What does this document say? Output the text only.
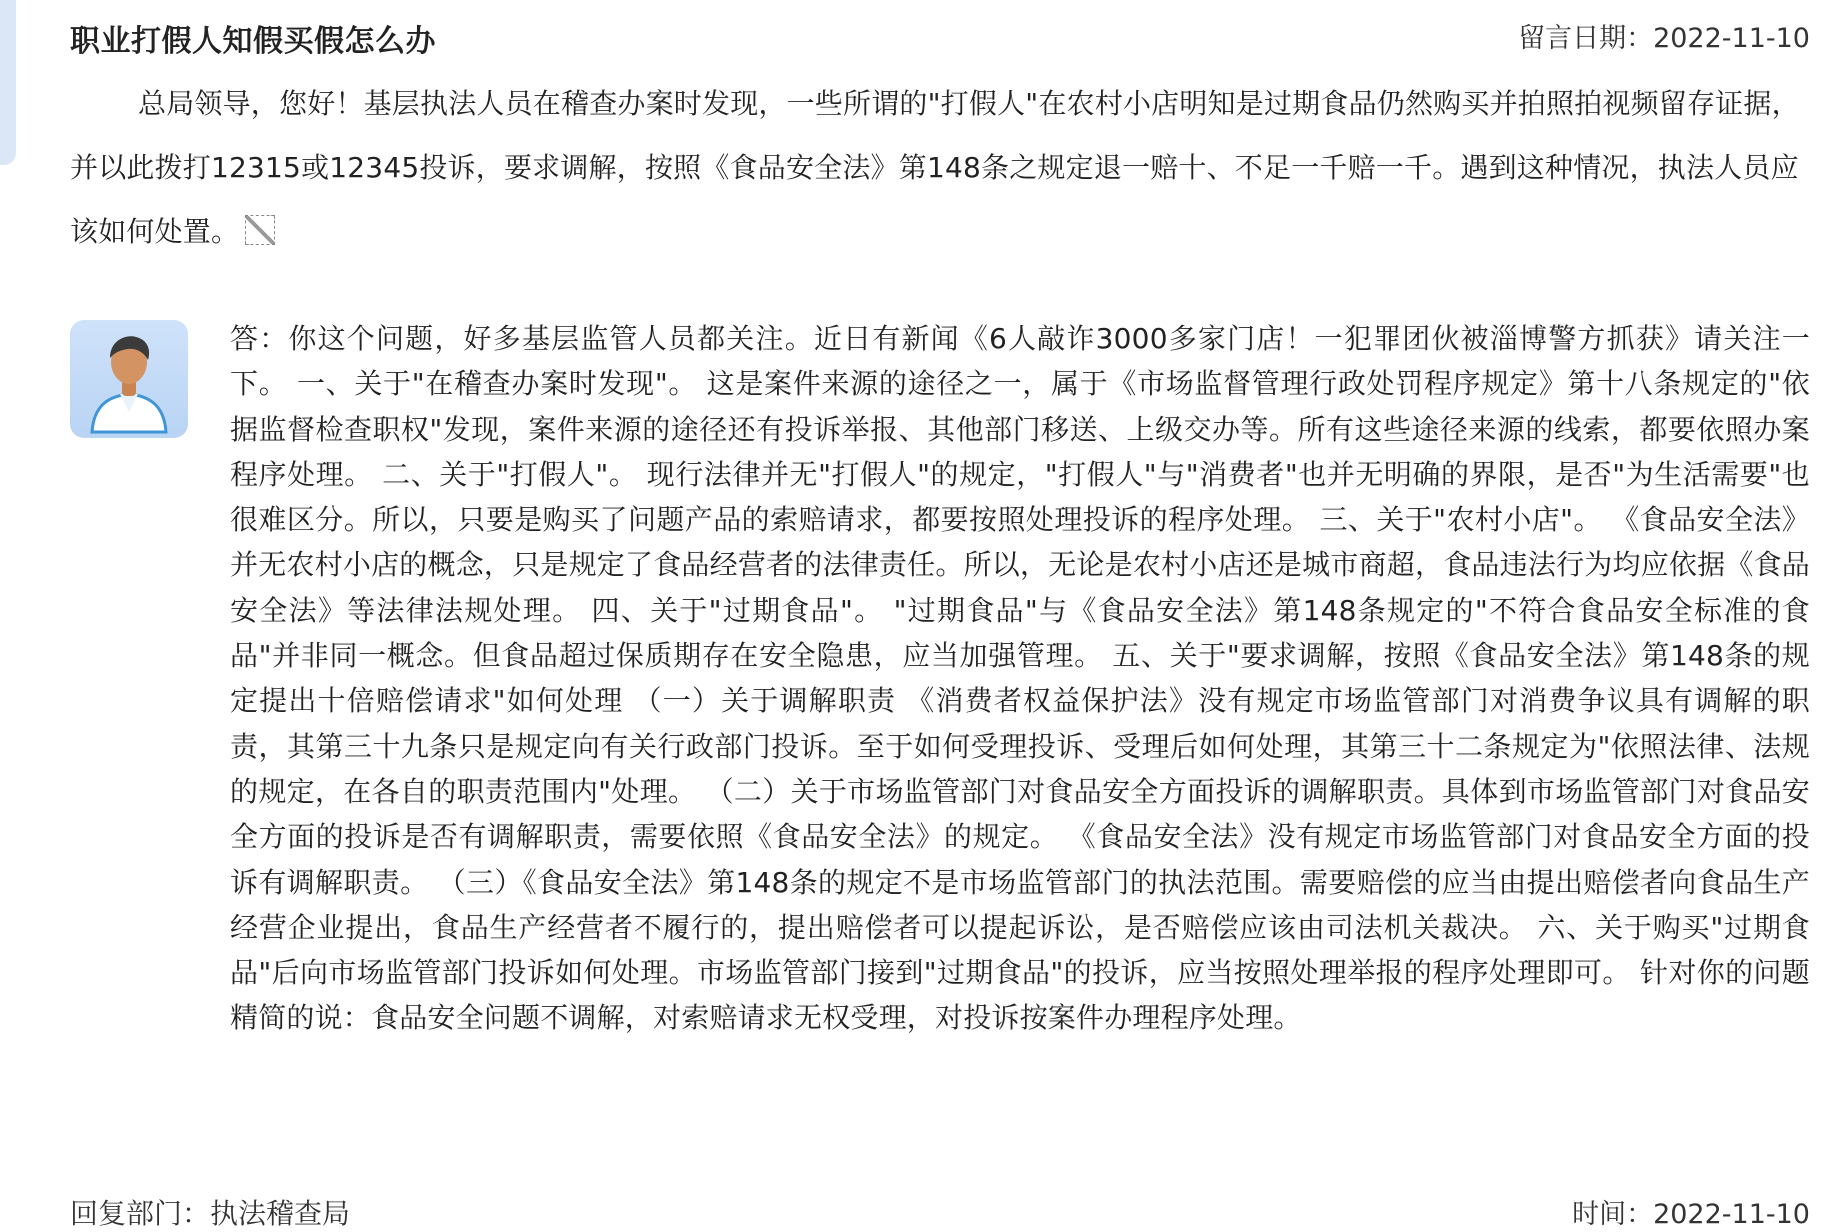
职业打假人知假买假怎么办	留言日期：2022-11-10

总局领导，您好！基层执法人员在稽查办案时发现，一些所谓的"打假人"在农村小店明知是过期食品仍然购买并拍照拍视频留存证据，并以此拨打12315或12345投诉，要求调解，按照《食品安全法》第148条之规定退一赔十、不足一千赔一千。遇到这种情况，执法人员应该如何处置。

答：你这个问题，好多基层监管人员都关注。近日有新闻《6人敲诈3000多家门店！一犯罪团伙被淄博警方抓获》请关注一下。 一、关于"在稽查办案时发现"。 这是案件来源的途径之一，属于《市场监督管理行政处罚程序规定》第十八条规定的"依据监督检查职权"发现，案件来源的途径还有投诉举报、其他部门移送、上级交办等。所有这些途径来源的线索，都要依照办案程序处理。 二、关于"打假人"。 现行法律并无"打假人"的规定，"打假人"与"消费者"也并无明确的界限，是否"为生活需要"也很难区分。所以，只要是购买了问题产品的索赔请求，都要按照处理投诉的程序处理。 三、关于"农村小店"。 《食品安全法》并无农村小店的概念，只是规定了食品经营者的法律责任。所以，无论是农村小店还是城市商超，食品违法行为均应依据《食品安全法》等法律法规处理。 四、关于"过期食品"。 "过期食品"与《食品安全法》第148条规定的"不符合食品安全标准的食品"并非同一概念。但食品超过保质期存在安全隐患，应当加强管理。 五、关于"要求调解，按照《食品安全法》第148条的规定提出十倍赔偿请求"如何处理 （一）关于调解职责 《消费者权益保护法》没有规定市场监管部门对消费争议具有调解的职责，其第三十九条只是规定向有关行政部门投诉。至于如何受理投诉、受理后如何处理，其第三十二条规定为"依照法律、法规的规定，在各自的职责范围内"处理。 （二）关于市场监管部门对食品安全方面投诉的调解职责。具体到市场监管部门对食品安全方面的投诉是否有调解职责，需要依照《食品安全法》的规定。 《食品安全法》没有规定市场监管部门对食品安全方面的投诉有调解职责。 （三）《食品安全法》第148条的规定不是市场监管部门的执法范围。需要赔偿的应当由提出赔偿者向食品生产经营企业提出，食品生产经营者不履行的，提出赔偿者可以提起诉讼，是否赔偿应该由司法机关裁决。 六、关于购买"过期食品"后向市场监管部门投诉如何处理。市场监管部门接到"过期食品"的投诉，应当按照处理举报的程序处理即可。 针对你的问题精简的说：食品安全问题不调解，对索赔请求无权受理，对投诉按案件办理程序处理。
回复部门：执法稽查局	时间：2022-11-10
